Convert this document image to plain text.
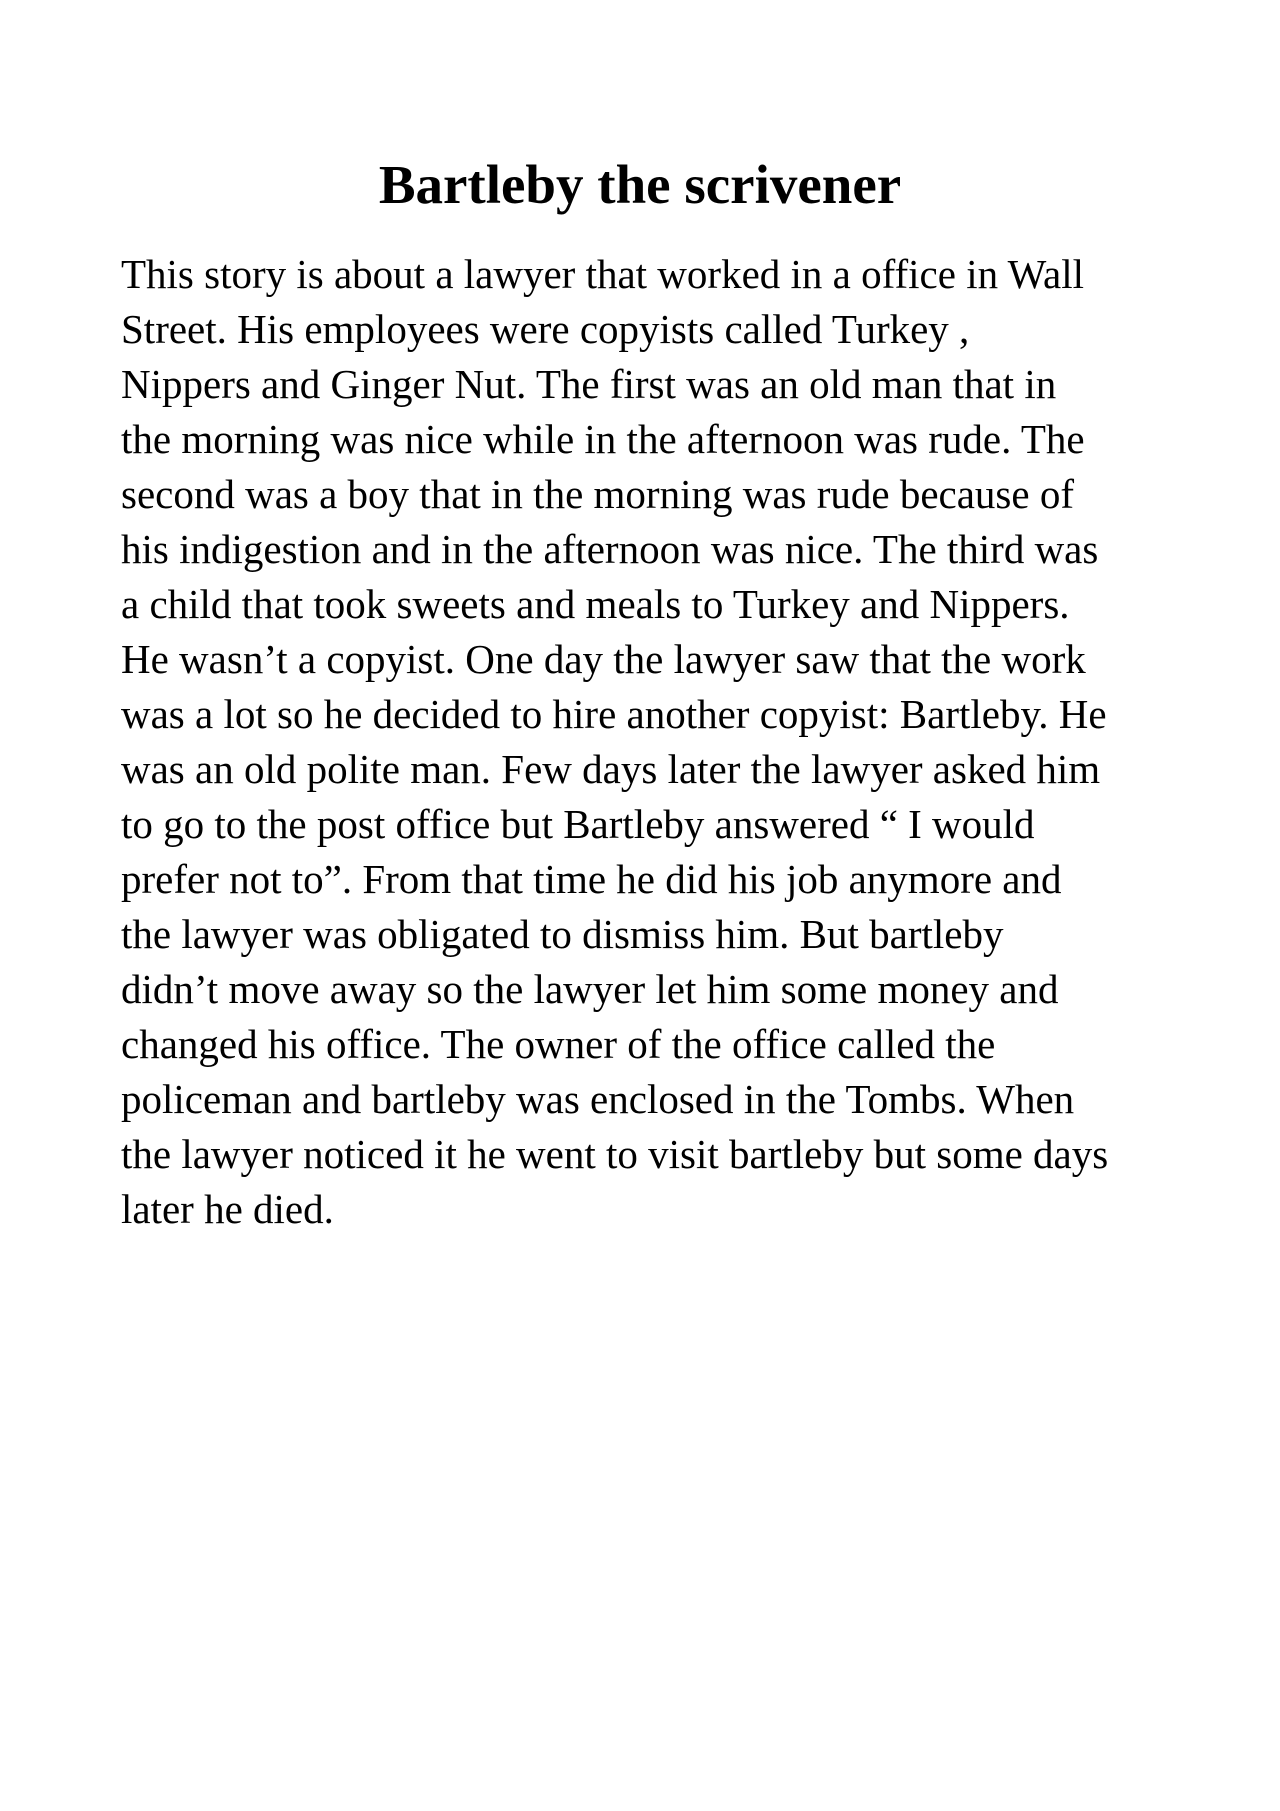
Bartleby the scrivener
This story is about a lawyer that worked in a office in Wall
Street. His employees were copyists called Turkey ,
Nippers and Ginger Nut. The first was an old man that in
the morning was nice while in the afternoon was rude. The
second was a boy that in the morning was rude because of
his indigestion and in the afternoon was nice. The third was
a child that took sweets and meals to Turkey and Nippers.
He wasn’t a copyist. One day the lawyer saw that the work
was a lot so he decided to hire another copyist: Bartleby. He
was an old polite man. Few days later the lawyer asked him
to go to the post office but Bartleby answered “ I would
prefer not to”. From that time he did his job anymore and
the lawyer was obligated to dismiss him. But bartleby
didn’t move away so the lawyer let him some money and
changed his office. The owner of the office called the
policeman and bartleby was enclosed in the Tombs. When
the lawyer noticed it he went to visit bartleby but some days
later he died.
